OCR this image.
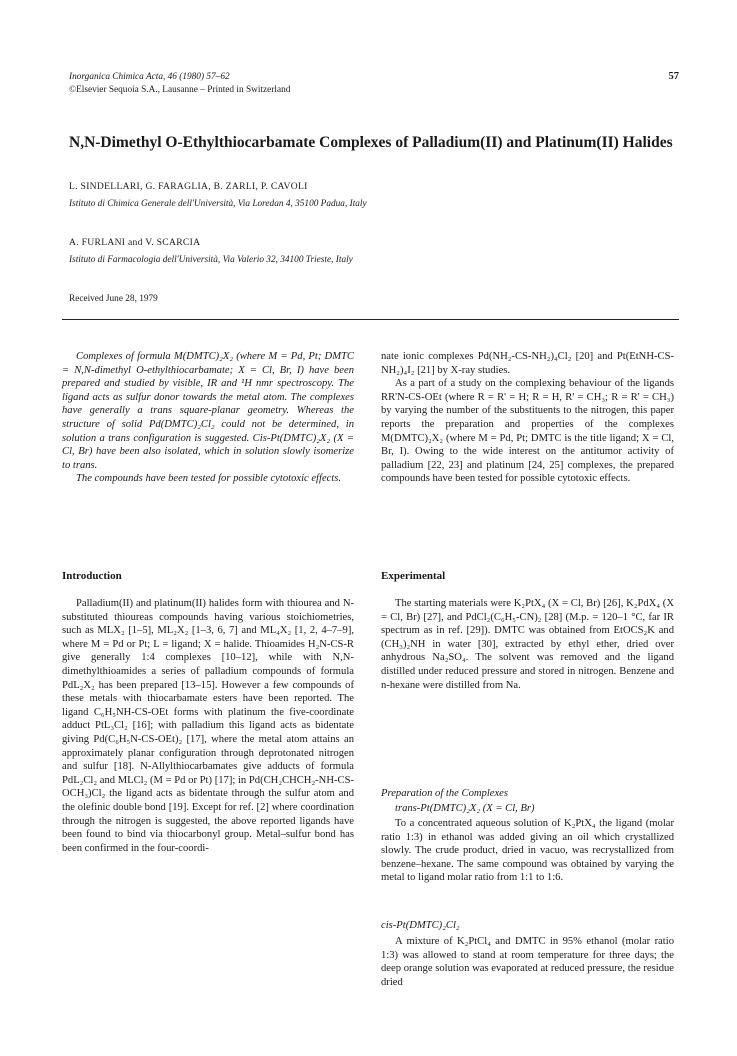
Inorganica Chimica Acta, 46 (1980) 57–62
©Elsevier Sequoia S.A., Lausanne – Printed in Switzerland
57
N,N-Dimethyl O-Ethylthiocarbamate Complexes of Palladium(II) and Platinum(II) Halides
L. SINDELLARI, G. FARAGLIA, B. ZARLI, P. CAVOLI
Istituto di Chimica Generale dell'Università, Via Loredan 4, 35100 Padua, Italy
A. FURLANI and V. SCARCIA
Istituto di Farmacologia dell'Università, Via Valerio 32, 34100 Trieste, Italy
Received June 28, 1979

Complexes of formula M(DMTC)₂X₂ (where M = Pd, Pt; DMTC = N,N-dimethyl O-ethylthiocarbamate; X = Cl, Br, I) have been prepared and studied by visible, IR and ¹H nmr spectroscopy. The ligand acts as sulfur donor towards the metal atom. The complexes have generally a trans square-planar geometry. Whereas the structure of solid Pd(DMTC)₂Cl₂ could not be determined, in solution a trans configuration is suggested. Cis-Pt(DMTC)₂X₂ (X = Cl, Br) have been also isolated, which in solution slowly isomerize to trans.

The compounds have been tested for possible cytotoxic effects.

Introduction

Palladium(II) and platinum(II) halides form with thiourea and N-substituted thioureas compounds having various stoichiometries, such as MLX₂ [1–5], ML₂X₂ [1–3, 6, 7] and ML₄X₂ [1, 2, 4–7–9], where M = Pd or Pt; L = ligand; X = halide. Thioamides H₂N-CS-R give generally 1:4 complexes [10–12], while with N,N-dimethylthioamides a series of palladium compounds of formula PdL₂X₂ has been prepared [13–15]. However a few compounds of these metals with thiocarbamate esters have been reported. The ligand C₆H₅NH-CS-OEt forms with platinum the five-coordinate adduct PtL₃Cl₂ [16]; with palladium this ligand acts as bidentate giving Pd(C₆H₅N-CS-OEt)₂ [17], where the metal atom attains an approximately planar configuration through deprotonated nitrogen and sulfur [18]. N-Allylthiocarbamates give adducts of formula PdL₂Cl₂ and MLCl₂ (M = Pd or Pt) [17]; in Pd(CH₂CHCH₂-NH-CS-OCH₃)Cl₂ the ligand acts as bidentate through the sulfur atom and the olefinic double bond [19]. Except for ref. [2] where coordination through the nitrogen is suggested, the above reported ligands have been found to bind via thiocarbonyl group. Metal–sulfur bond has been confirmed in the four-coordi-

nate ionic complexes Pd(NH₂-CS-NH₂)₄Cl₂ [20] and Pt(EtNH-CS-NH₂)₄I₂ [21] by X-ray studies.

As a part of a study on the complexing behaviour of the ligands RR'N-CS-OEt (where R = R' = H; R = H, R' = CH₃; R = R' = CH₃) by varying the number of the substituents to the nitrogen, this paper reports the preparation and properties of the complexes M(DMTC)₂X₂ (where M = Pd, Pt; DMTC is the title ligand; X = Cl, Br, I). Owing to the wide interest on the antitumor activity of palladium [22, 23] and platinum [24, 25] complexes, the prepared compounds have been tested for possible cytotoxic effects.

Experimental

The starting materials were K₂PtX₄ (X = Cl, Br) [26], K₂PdX₄ (X = Cl, Br) [27], and PdCl₂(C₆H₅-CN)₂ [28] (M.p. = 120–1 °C, far IR spectrum as in ref. [29]). DMTC was obtained from EtOCS₂K and (CH₃)₂NH in water [30], extracted by ethyl ether, dried over anhydrous Na₂SO₄. The solvent was removed and the ligand distilled under reduced pressure and stored in nitrogen. Benzene and n-hexane were distilled from Na.

Preparation of the Complexes
trans-Pt(DMTC)₂X₂ (X = Cl, Br)

To a concentrated aqueous solution of K₂PtX₄ the ligand (molar ratio 1:3) in ethanol was added giving an oil which crystallized slowly. The crude product, dried in vacuo, was recrystallized from benzene–hexane. The same compound was obtained by varying the metal to ligand molar ratio from 1:1 to 1:6.

cis-Pt(DMTC)₂Cl₂

A mixture of K₂PtCl₄ and DMTC in 95% ethanol (molar ratio 1:3) was allowed to stand at room temperature for three days; the deep orange solution was evaporated at reduced pressure, the residue dried
